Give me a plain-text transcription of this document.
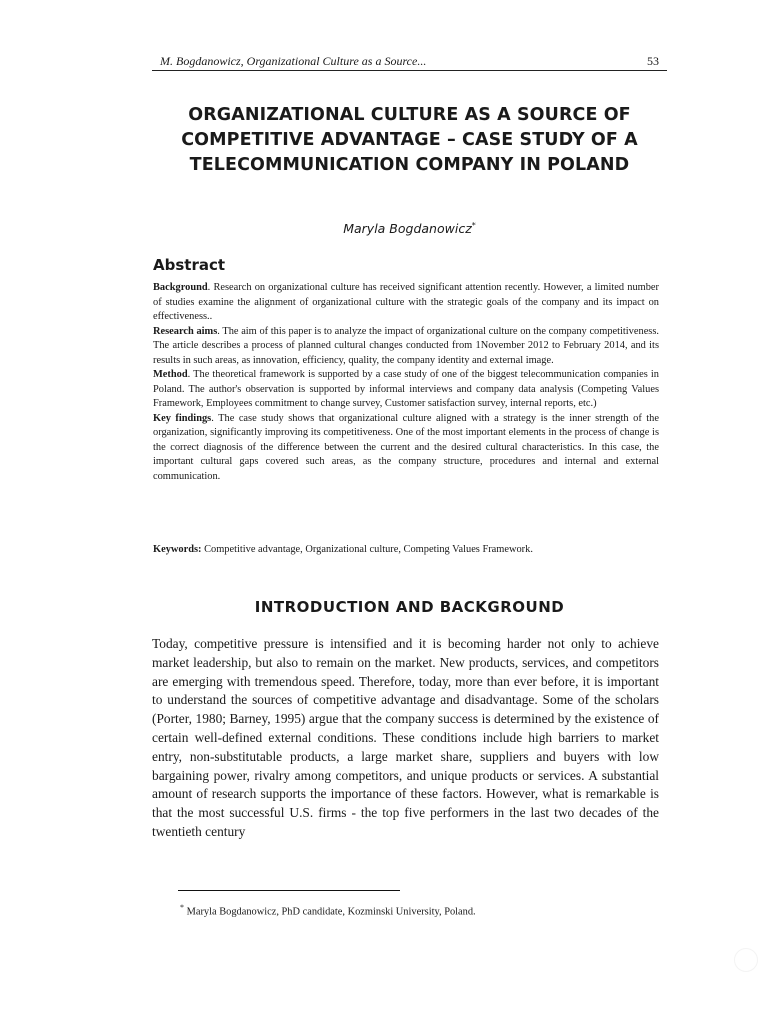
M. Bogdanowicz, Organizational Culture as a Source...	53
ORGANIZATIONAL CULTURE AS A SOURCE OF COMPETITIVE ADVANTAGE – CASE STUDY OF A TELECOMMUNICATION COMPANY IN POLAND
Maryla Bogdanowicz*
Abstract

Background. Research on organizational culture has received significant attention recently. However, a limited number of studies examine the alignment of organizational culture with the strategic goals of the company and its impact on effectiveness..

Research aims. The aim of this paper is to analyze the impact of organizational culture on the company competitiveness. The article describes a process of planned cultural changes conducted from 1November 2012 to February 2014, and its results in such areas, as innovation, efficiency, quality, the company identity and external image.

Method. The theoretical framework is supported by a case study of one of the biggest telecommunication companies in Poland. The author's observation is supported by informal interviews and company data analysis (Competing Values Framework, Employees commitment to change survey, Customer satisfaction survey, internal reports, etc.)

Key findings. The case study shows that organizational culture aligned with a strategy is the inner strength of the organization, significantly improving its competitiveness. One of the most important elements in the process of change is the correct diagnosis of the difference between the current and the desired cultural characteristics. In this case, the important cultural gaps covered such areas, as the company structure, procedures and internal and external communication.

Keywords: Competitive advantage, Organizational culture, Competing Values Framework.
INTRODUCTION AND BACKGROUND

Today, competitive pressure is intensified and it is becoming harder not only to achieve market leadership, but also to remain on the market. New products, services, and competitors are emerging with tremendous speed. Therefore, today, more than ever before, it is important to understand the sources of competitive advantage and disadvantage. Some of the scholars (Porter, 1980; Barney, 1995) argue that the company success is determined by the existence of certain well-defined external conditions. These conditions include high barriers to market entry, non-substitutable products, a large market share, suppliers and buyers with low bargaining power, rivalry among competitors, and unique products or services. A substantial amount of research supports the importance of these factors. However, what is remarkable is that the most successful U.S. firms - the top five performers in the last two decades of the twentieth century

* Maryla Bogdanowicz, PhD candidate, Kozminski University, Poland.
